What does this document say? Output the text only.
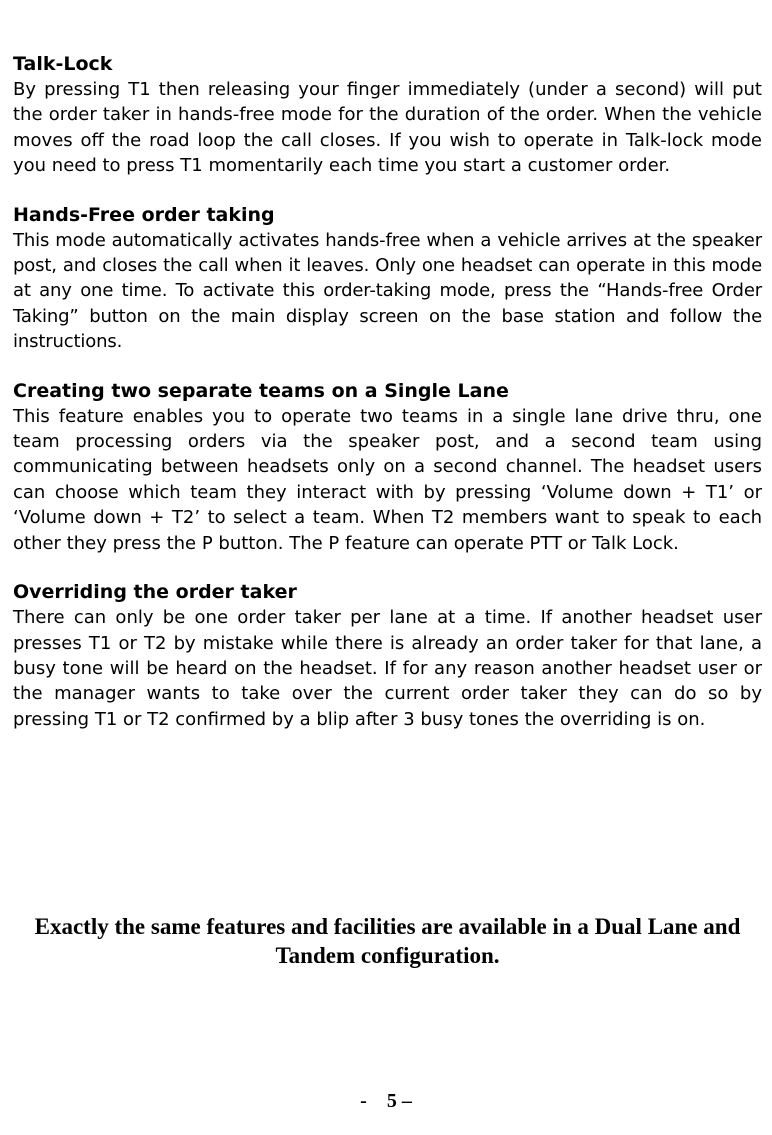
Talk-Lock

By pressing T1 then releasing your finger immediately (under a second) will put the order taker in hands-free mode for the duration of the order. When the vehicle moves off the road loop the call closes. If you wish to operate in Talk-lock mode you need to press T1 momentarily each time you start a customer order.

Hands-Free order taking

This mode automatically activates hands-free when a vehicle arrives at the speaker post, and closes the call when it leaves. Only one headset can operate in this mode at any one time. To activate this order-taking mode, press the “Hands-free Order Taking” button on the main display screen on the base station and follow the instructions.

Creating two separate teams on a Single Lane

This feature enables you to operate two teams in a single lane drive thru, one team processing orders via the speaker post, and a second team using communicating between headsets only on a second channel. The headset users can choose which team they interact with by pressing ‘Volume down + T1’ or ‘Volume down + T2’ to select a team. When T2 members want to speak to each other they press the P button. The P feature can operate PTT or Talk Lock.

Overriding the order taker

There can only be one order taker per lane at a time. If another headset user presses T1 or T2 by mistake while there is already an order taker for that lane, a busy tone will be heard on the headset. If for any reason another headset user or the manager wants to take over the current order taker they can do so by pressing T1 or T2 confirmed by a blip after 3 busy tones the overriding is on.

Exactly the same features and facilities are available in a Dual Lane and Tandem configuration.
-    5 –
